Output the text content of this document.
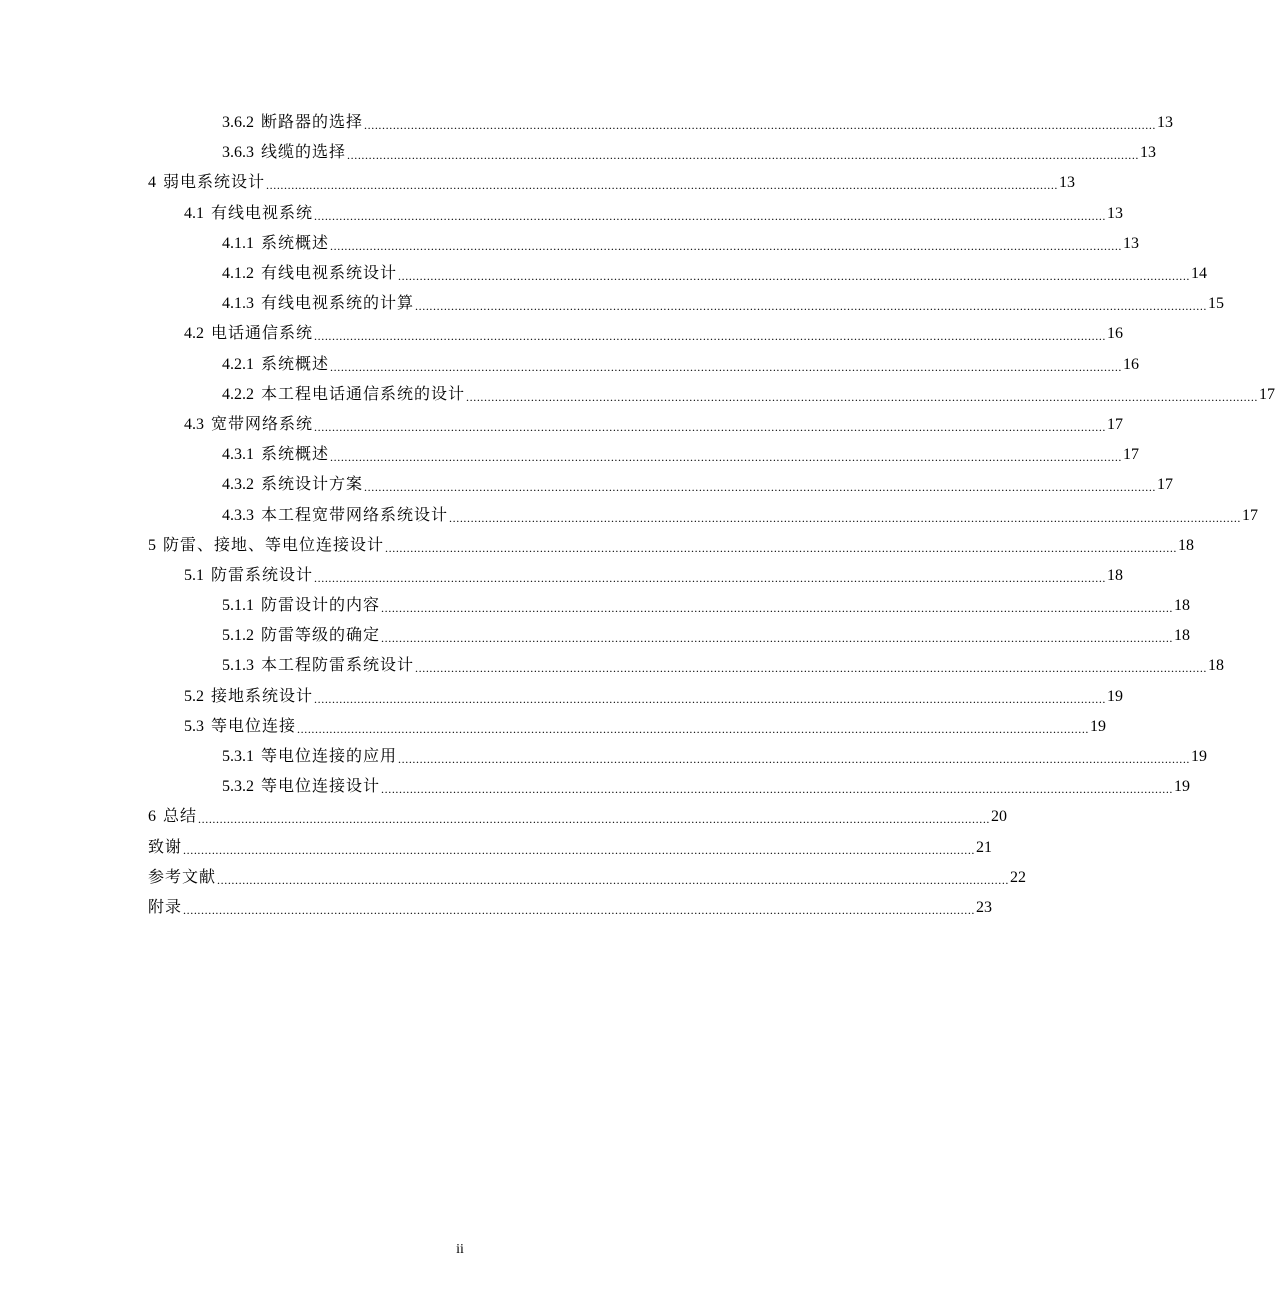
3.6.2 断路器的选择 ............................................................................................................................................................................................................................ 13
3.6.3 线缆的选择 ............................................................................................................................................................................................................................ 13
4 弱电系统设计 ............................................................................................................................................................................................................................ 13
4.1 有线电视系统 ............................................................................................................................................................................................................................ 13
4.1.1 系统概述 ............................................................................................................................................................................................................................ 13
4.1.2 有线电视系统设计 ............................................................................................................................................................................................................................ 14
4.1.3 有线电视系统的计算 ............................................................................................................................................................................................................................ 15
4.2 电话通信系统 ............................................................................................................................................................................................................................ 16
4.2.1 系统概述 ............................................................................................................................................................................................................................ 16
4.2.2 本工程电话通信系统的设计 ............................................................................................................................................................................................................................ 17
4.3 宽带网络系统 ............................................................................................................................................................................................................................ 17
4.3.1 系统概述 ............................................................................................................................................................................................................................ 17
4.3.2 系统设计方案 ............................................................................................................................................................................................................................ 17
4.3.3 本工程宽带网络系统设计 ............................................................................................................................................................................................................................ 17
5 防雷、接地、等电位连接设计 ............................................................................................................................................................................................................................ 18
5.1 防雷系统设计 ............................................................................................................................................................................................................................ 18
5.1.1 防雷设计的内容 ............................................................................................................................................................................................................................ 18
5.1.2 防雷等级的确定 ............................................................................................................................................................................................................................ 18
5.1.3 本工程防雷系统设计 ............................................................................................................................................................................................................................ 18
5.2 接地系统设计 ............................................................................................................................................................................................................................ 19
5.3 等电位连接 ............................................................................................................................................................................................................................ 19
5.3.1 等电位连接的应用 ............................................................................................................................................................................................................................ 19
5.3.2 等电位连接设计 ............................................................................................................................................................................................................................ 19
6 总结 ............................................................................................................................................................................................................................ 20
致谢 ............................................................................................................................................................................................................................ 21
参考文献 ............................................................................................................................................................................................................................ 22
附录 ............................................................................................................................................................................................................................ 23
ii
